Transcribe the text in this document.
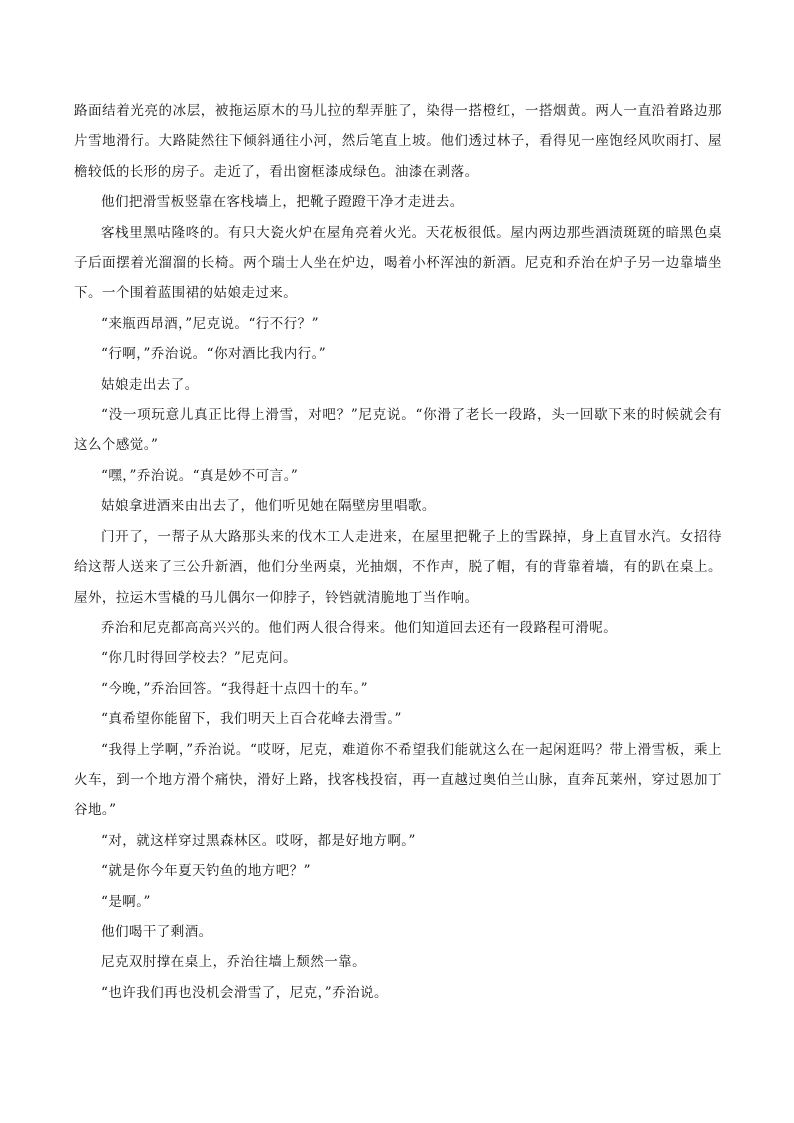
路面结着光亮的冰层，被拖运原木的马儿拉的犁弄脏了，染得一搭橙红，一搭烟黄。两人一直沿着路边那片雪地滑行。大路陡然往下倾斜通往小河，然后笔直上坡。他们透过林子，看得见一座饱经风吹雨打、屋檐较低的长形的房子。走近了，看出窗框漆成绿色。油漆在剥落。

他们把滑雪板竖靠在客栈墙上，把靴子蹬蹬干净才走进去。

客栈里黑咕隆咚的。有只大瓷火炉在屋角亮着火光。天花板很低。屋内两边那些酒渍斑斑的暗黑色桌子后面摆着光溜溜的长椅。两个瑞士人坐在炉边，喝着小杯浑浊的新酒。尼克和乔治在炉子另一边靠墙坐下。一个围着蓝围裙的姑娘走过来。

“来瓶西昂酒，”尼克说。“行不行？”

“行啊，”乔治说。“你对酒比我内行。”

姑娘走出去了。

“没一项玩意儿真正比得上滑雪，对吧？”尼克说。“你滑了老长一段路，头一回歇下来的时候就会有这么个感觉。”

“嘿，”乔治说。“真是妙不可言。”

姑娘拿进酒来由出去了，他们听见她在隔壁房里唱歌。

门开了，一帮子从大路那头来的伐木工人走进来，在屋里把靴子上的雪跺掉，身上直冒水汽。女招待给这帮人送来了三公升新酒，他们分坐两桌，光抽烟，不作声，脱了帽，有的背靠着墙，有的趴在桌上。屋外，拉运木雪橇的马儿偶尔一仰脖子，铃铛就清脆地丁当作响。

乔治和尼克都高高兴兴的。他们两人很合得来。他们知道回去还有一段路程可滑呢。

“你几时得回学校去？”尼克问。

“今晚，”乔治回答。“我得赶十点四十的车。”

“真希望你能留下，我们明天上百合花峰去滑雪。”

“我得上学啊，”乔治说。“哎呀，尼克，难道你不希望我们能就这么在一起闲逛吗？带上滑雪板，乘上火车，到一个地方滑个痛快，滑好上路，找客栈投宿，再一直越过奥伯兰山脉，直奔瓦莱州，穿过恩加丁谷地。”

“对，就这样穿过黑森林区。哎呀，都是好地方啊。”

“就是你今年夏天钓鱼的地方吧？”

“是啊。”

他们喝干了剩酒。

尼克双肘撑在桌上，乔治往墙上颓然一靠。

“也许我们再也没机会滑雪了，尼克，”乔治说。
